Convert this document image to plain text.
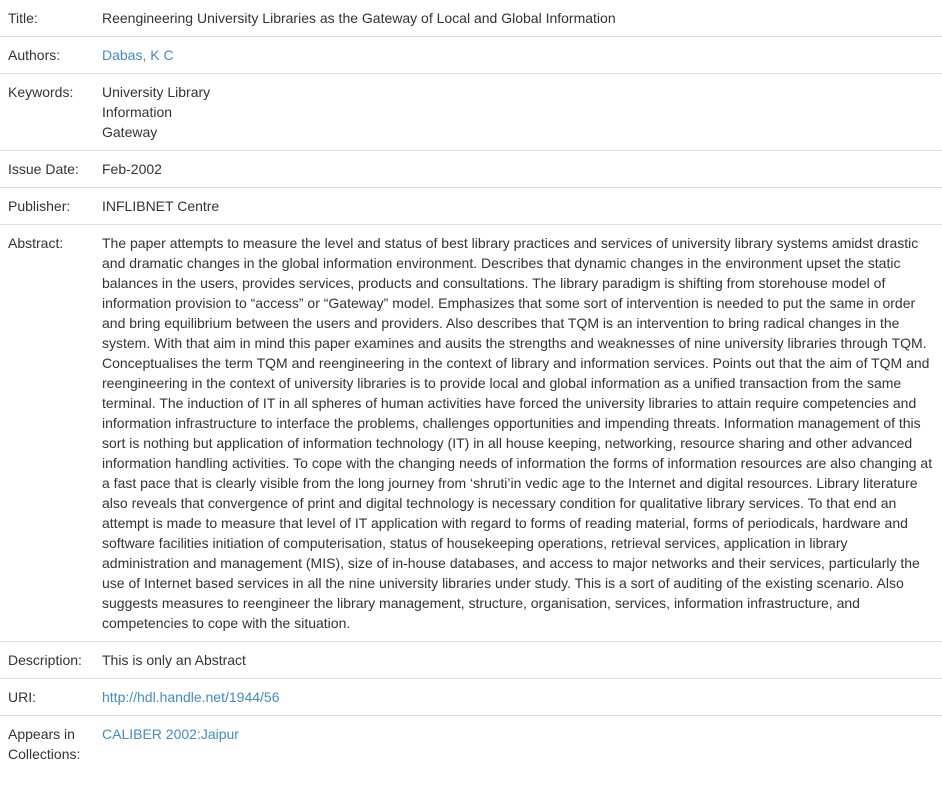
Title:	Reengineering University Libraries as the Gateway of Local and Global Information
Authors:	Dabas, K C
Keywords:	University Library
Information
Gateway

Issue Date:	Feb-2002
Publisher:	INFLIBNET Centre
Abstract:	The paper attempts to measure the level and status of best library practices and services of university library systems amidst drastic and dramatic changes in the global information environment. Describes that dynamic changes in the environment upset the static balances in the users, provides services, products and consultations. The library paradigm is shifting from storehouse model of information provision to “access” or “Gateway” model. Emphasizes that some sort of intervention is needed to put the same in order and bring equilibrium between the users and providers. Also describes that TQM is an intervention to bring radical changes in the system. With that aim in mind this paper examines and ausits the strengths and weaknesses of nine university libraries through TQM. Conceptualises the term TQM and reengineering in the context of library and information services. Points out that the aim of TQM and reengineering in the context of university libraries is to provide local and global information as a unified transaction from the same terminal. The induction of IT in all spheres of human activities have forced the university libraries to attain require competencies and information infrastructure to interface the problems, challenges opportunities and impending threats. Information management of this sort is nothing but application of information technology (IT) in all house keeping, networking, resource sharing and other advanced information handling activities. To cope with the changing needs of information the forms of information resources are also changing at a fast pace that is clearly visible from the long journey from ‘shruti’in vedic age to the Internet and digital resources. Library literature also reveals that convergence of print and digital technology is necessary condition for qualitative library services. To that end an attempt is made to measure that level of IT application with regard to forms of reading material, forms of periodicals, hardware and software facilities initiation of computerisation, status of housekeeping operations, retrieval services, application in library administration and management (MIS), size of in-house databases, and access to major networks and their services, particularly the use of Internet based services in all the nine university libraries under study. This is a sort of auditing of the existing scenario. Also suggests measures to reengineer the library management, structure, organisation, services, information infrastructure, and competencies to cope with the situation.
Description:	This is only an Abstract
URI:	http://hdl.handle.net/1944/56
Appears in Collections:	CALIBER 2002:Jaipur
